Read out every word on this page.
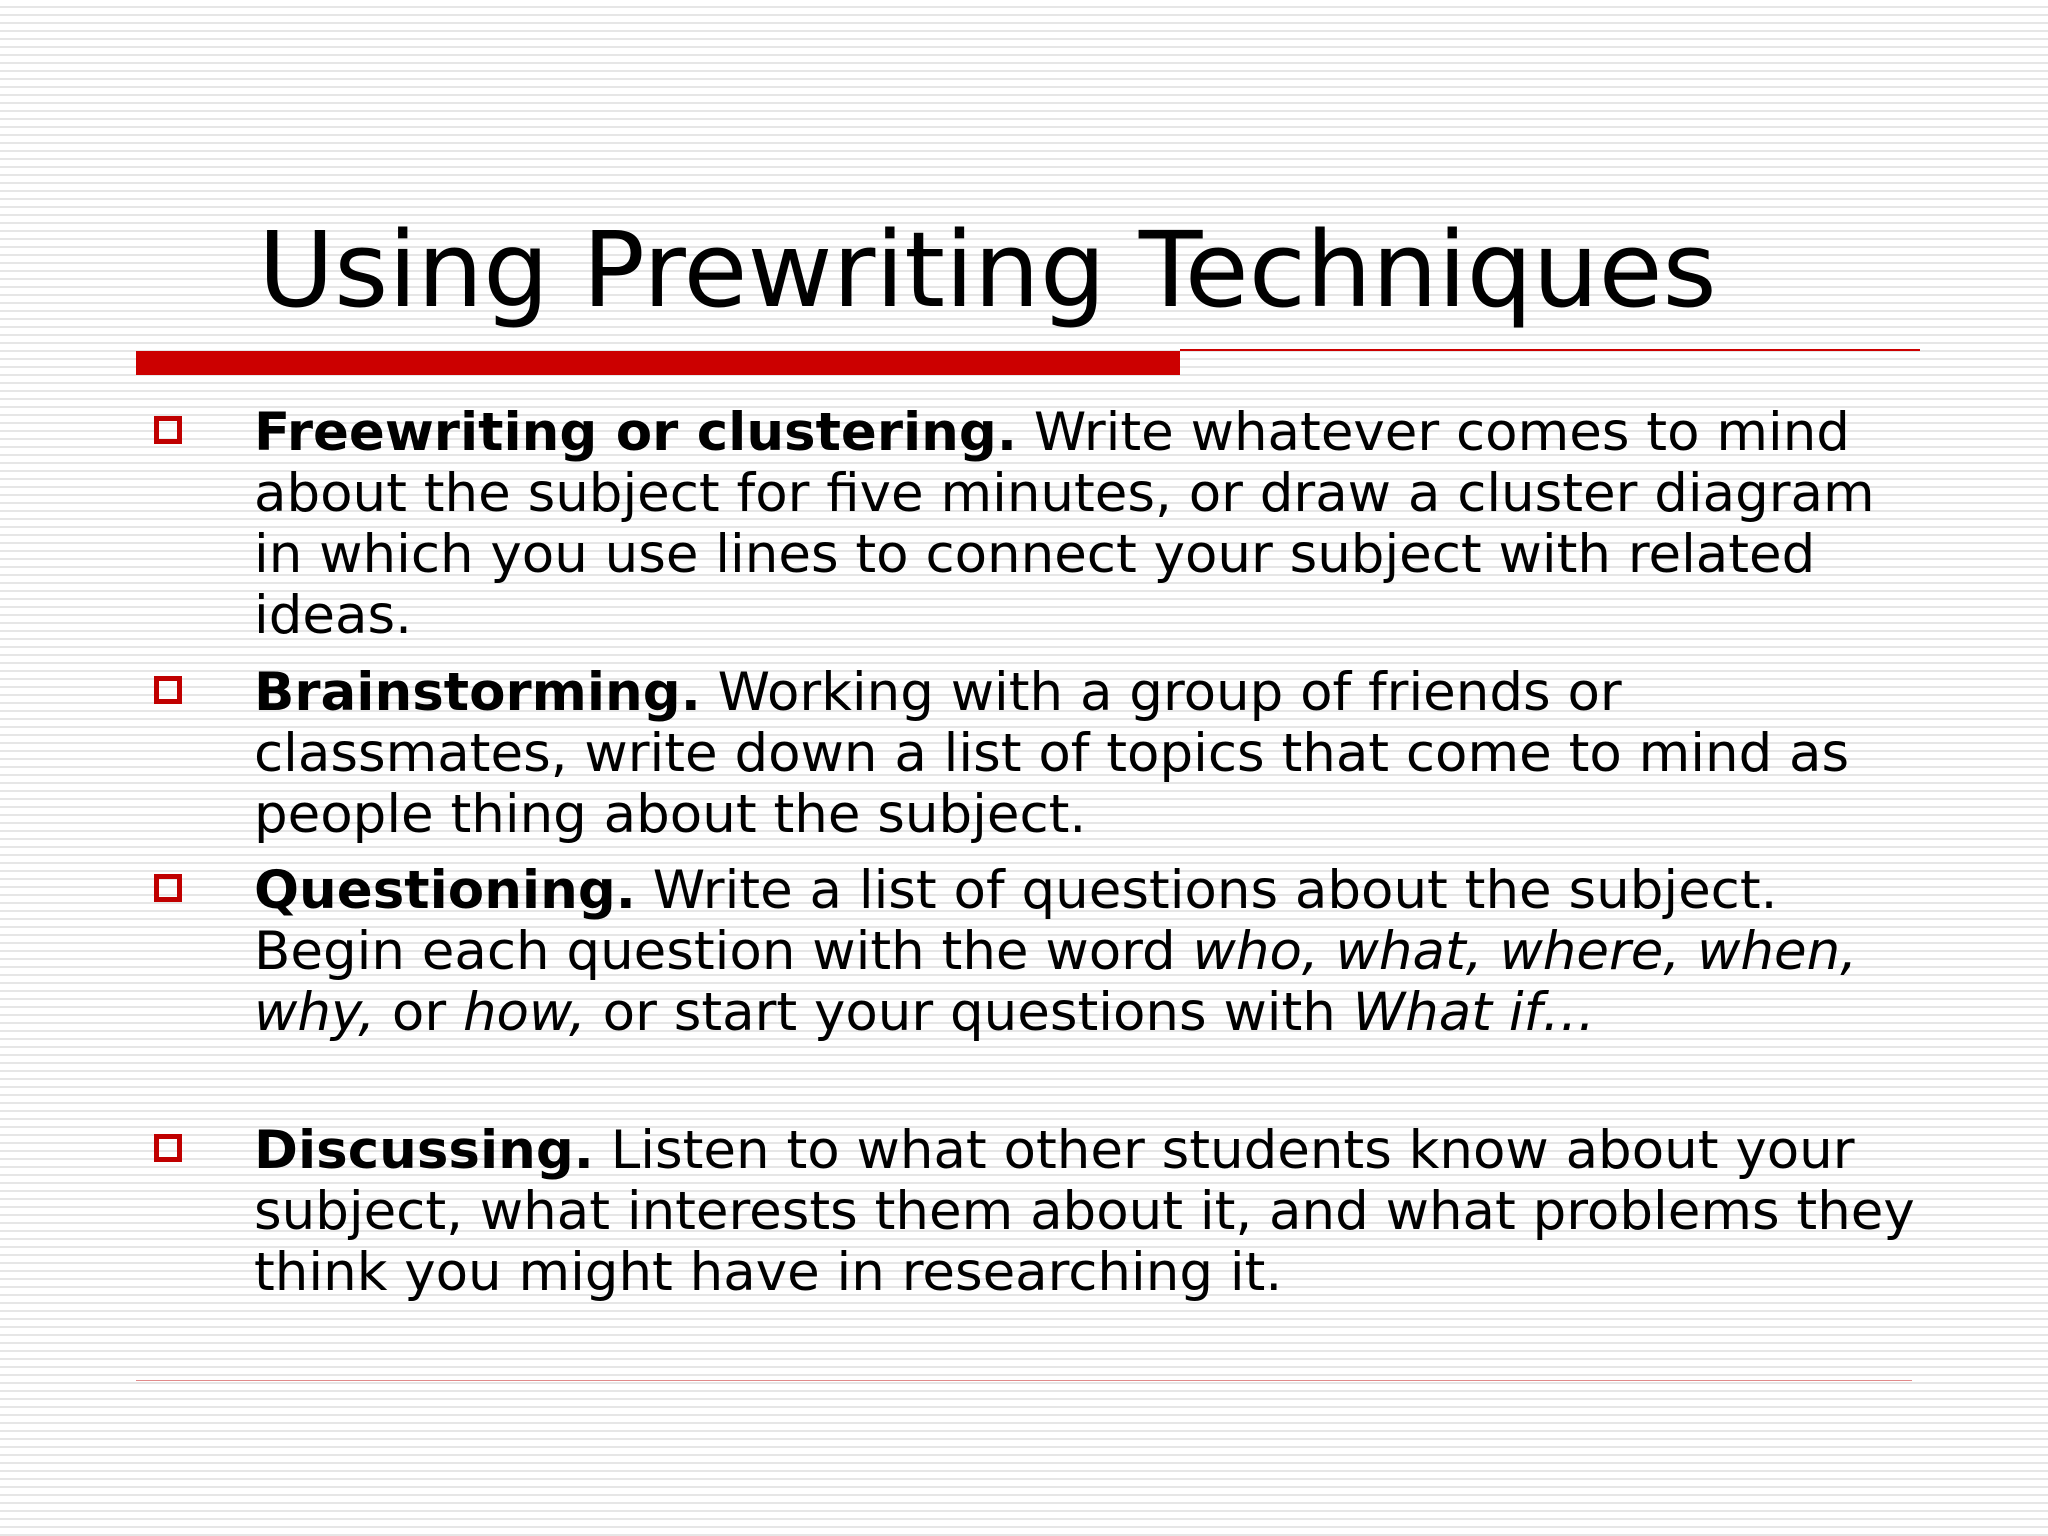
Using Prewriting Techniques
Freewriting or clustering. Write whatever comes to mind about the subject for five minutes, or draw a cluster diagram in which you use lines to connect your subject with related ideas.
Brainstorming. Working with a group of friends or classmates, write down a list of topics that come to mind as people thing about the subject.
Questioning. Write a list of questions about the subject. Begin each question with the word who, what, where, when, why, or how, or start your questions with What if…
Discussing. Listen to what other students know about your subject, what interests them about it, and what problems they think you might have in researching it.
